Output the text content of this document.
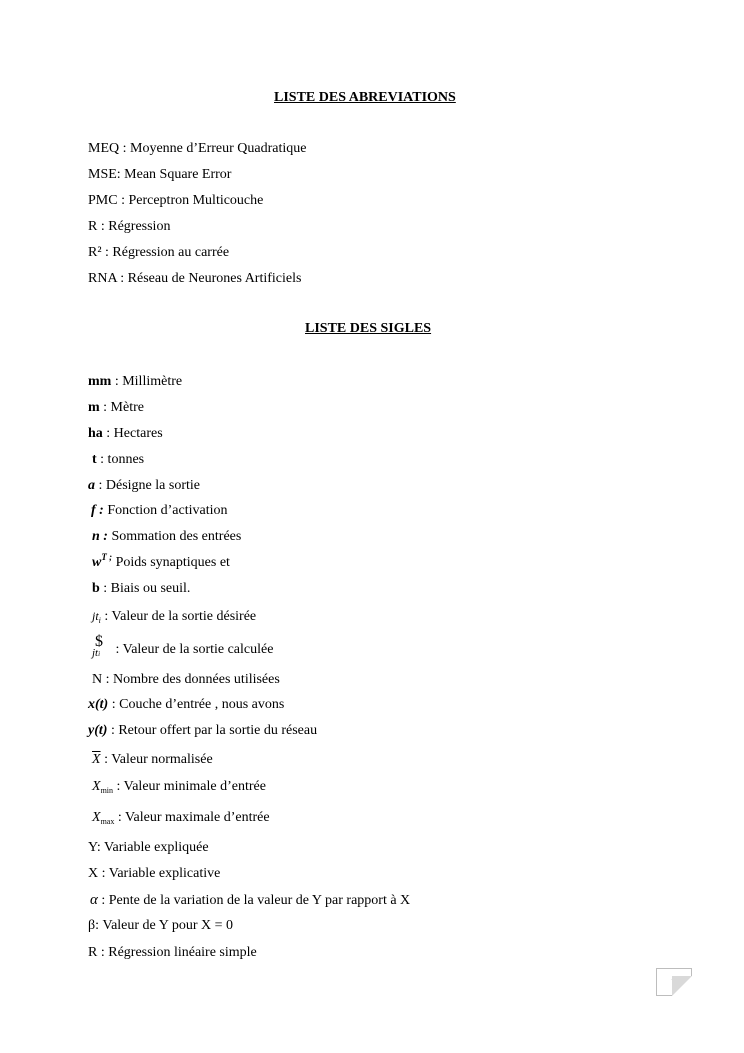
LISTE DES ABREVIATIONS
MEQ : Moyenne d’Erreur Quadratique
MSE: Mean Square Error
PMC : Perceptron Multicouche
R : Régression
R² : Régression au carrée
RNA : Réseau de Neurones Artificiels
LISTE DES SIGLES
mm : Millimètre
m : Mètre
ha : Hectares
t : tonnes
a : Désigne la sortie
f : Fonction d’activation
n : Sommation des entrées
$w^{T ;}$ Poids synaptiques et
b : Biais ou seuil.
$jt_i$ : Valeur de la sortie désirée
$
$_{jti}$ : Valeur de la sortie calculée
N : Nombre des données utilisées
x(t) : Couche d’entrée , nous avons
y(t) : Retour offert par la sortie du réseau
$\overline{X}$ : Valeur normalisée
$X_{min}$ : Valeur minimale d’entrée
$X_{max}$ : Valeur maximale d’entrée
Y: Variable expliquée
X : Variable explicative
α : Pente de la variation de la valeur de Y par rapport à X
β: Valeur de Y pour X = 0
R : Régression linéaire simple
v
